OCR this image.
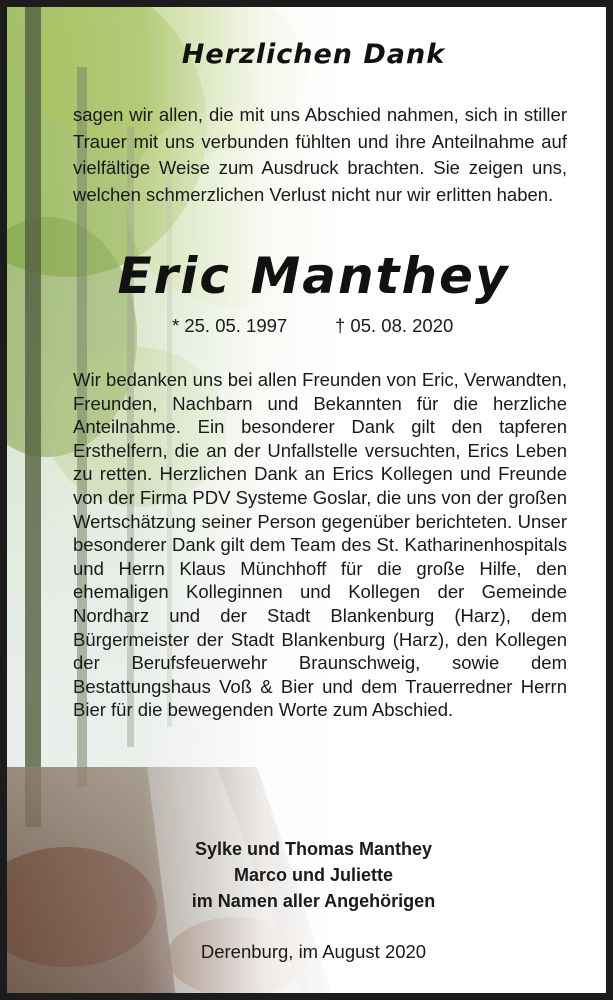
Herzlichen Dank
sagen wir allen, die mit uns Abschied nahmen, sich in stiller Trauer mit uns verbunden fühlten und ihre Anteilnahme auf vielfältige Weise zum Ausdruck brachten. Sie zeigen uns, welchen schmerzlichen Verlust nicht nur wir erlitten haben.
Eric Manthey
* 25. 05. 1997	† 05. 08. 2020
Wir bedanken uns bei allen Freunden von Eric, Verwandten, Freunden, Nachbarn und Bekannten für die herzliche Anteilnahme. Ein besonderer Dank gilt den tapferen Ersthelfern, die an der Unfallstelle versuchten, Erics Leben zu retten. Herzlichen Dank an Erics Kollegen und Freunde von der Firma PDV Systeme Goslar, die uns von der großen Wertschätzung seiner Person gegenüber berichteten. Unser besonderer Dank gilt dem Team des St. Katharinenhospitals und Herrn Klaus Münchhoff für die große Hilfe, den ehemaligen Kolleginnen und Kollegen der Gemeinde Nordharz und der Stadt Blankenburg (Harz), dem Bürgermeister der Stadt Blankenburg (Harz), den Kollegen der Berufsfeuerwehr Braunschweig, sowie dem Bestattungshaus Voß & Bier und dem Trauerredner Herrn Bier für die bewegenden Worte zum Abschied.
Sylke und Thomas Manthey
Marco und Juliette
im Namen aller Angehörigen
Derenburg, im August 2020
